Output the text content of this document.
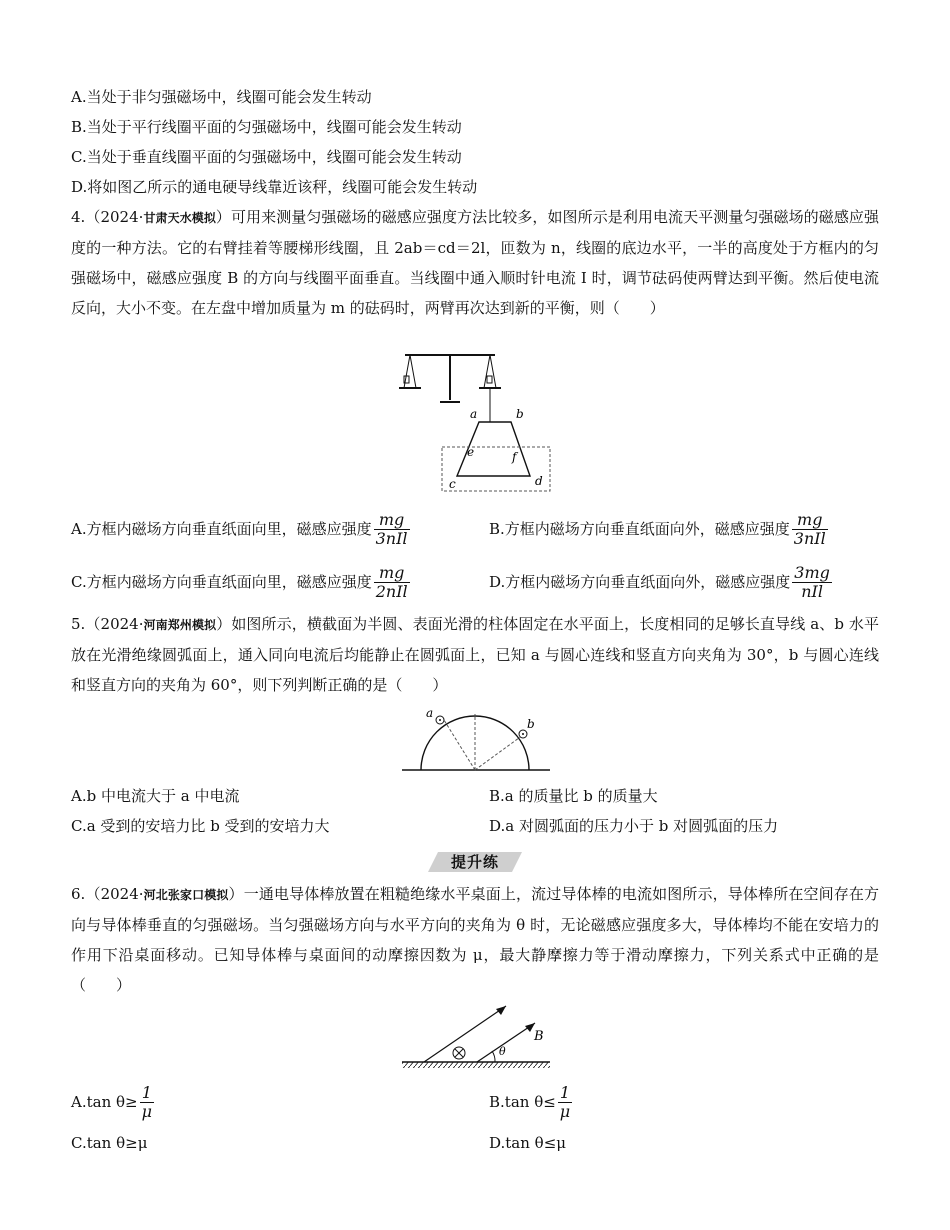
A.当处于非匀强磁场中，线圈可能会发生转动
B.当处于平行线圈平面的匀强磁场中，线圈可能会发生转动
C.当处于垂直线圈平面的匀强磁场中，线圈可能会发生转动
D.将如图乙所示的通电硬导线靠近该秤，线圈可能会发生转动
4.（2024·甘肃天水模拟）可用来测量匀强磁场的磁感应强度方法比较多，如图所示是利用电流天平测量匀强磁场的磁感应强度的一种方法。它的右臂挂着等腰梯形线圈，且 2ab＝cd＝2l，匝数为 n，线圈的底边水平，一半的高度处于方框内的匀强磁场中，磁感应强度 B 的方向与线圈平面垂直。当线圈中通入顺时针电流 I 时，调节砝码使两臂达到平衡。然后使电流反向，大小不变。在左盘中增加质量为 m 的砝码时，两臂再次达到新的平衡，则（　　）
a	b
e	f
c	d
A.方框内磁场方向垂直纸面向里，磁感应强度 $\frac{mg}{\text{3nIl}}$	B.方框内磁场方向垂直纸面向外，磁感应强度 $\frac{mg}{\text{3nIl}}$
C.方框内磁场方向垂直纸面向里，磁感应强度 $\frac{mg}{\text{2nIl}}$	D.方框内磁场方向垂直纸面向外，磁感应强度 $\frac{3mg}{\text{nIl}}$
5.（2024·河南郑州模拟）如图所示，横截面为半圆、表面光滑的柱体固定在水平面上，长度相同的足够长直导线 a、b 水平放在光滑绝缘圆弧面上，通入同向电流后均能静止在圆弧面上，已知 a 与圆心连线和竖直方向夹角为 30°，b 与圆心连线和竖直方向的夹角为 60°，则下列判断正确的是（　　）
a
b
A.b 中电流大于 a 中电流	B.a 的质量比 b 的质量大
C.a 受到的安培力比 b 受到的安培力大	D.a 对圆弧面的压力小于 b 对圆弧面的压力
提升练
6.（2024·河北张家口模拟）一通电导体棒放置在粗糙绝缘水平桌面上，流过导体棒的电流如图所示，导体棒所在空间存在方向与导体棒垂直的匀强磁场。当匀强磁场方向与水平方向的夹角为 θ 时，无论磁感应强度多大，导体棒均不能在安培力的作用下沿桌面移动。已知导体棒与桌面间的动摩擦因数为 μ，最大静摩擦力等于滑动摩擦力，下列关系式中正确的是（　　）
θ
B
A.tan $\theta\ge \frac{1}{\mu}$	B.tan $\theta\le \frac{1}{\mu}$
C.tan θ≥μ	D.tan θ≤μ
